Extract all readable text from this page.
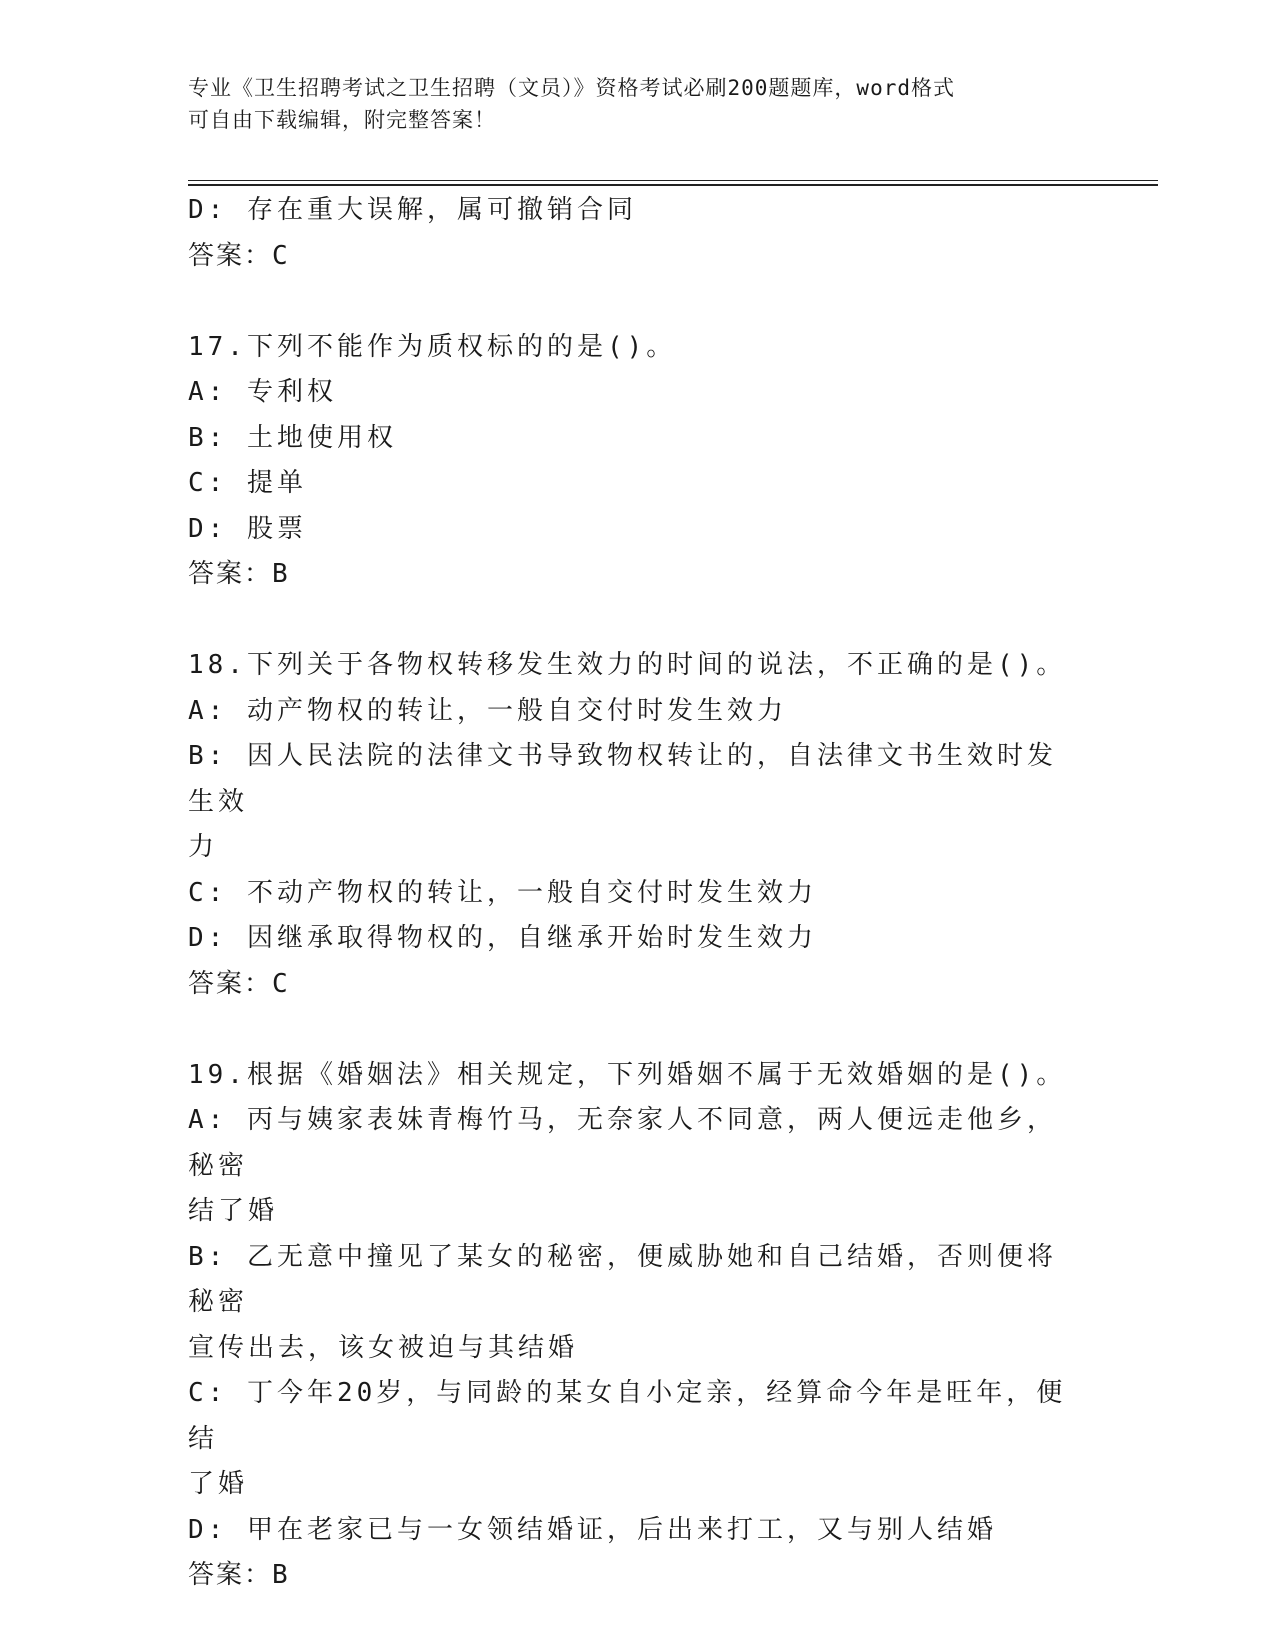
专业《卫生招聘考试之卫生招聘（文员）》资格考试必刷200题题库，word格式
可自由下载编辑，附完整答案！
D: 存在重大误解，属可撤销合同
答案：C
17.下列不能作为质权标的的是()。
A: 专利权
B: 土地使用权
C: 提单
D: 股票
答案：B
18.下列关于各物权转移发生效力的时间的说法，不正确的是()。
A: 动产物权的转让，一般自交付时发生效力
B: 因人民法院的法律文书导致物权转让的，自法律文书生效时发生效
力
C: 不动产物权的转让，一般自交付时发生效力
D: 因继承取得物权的，自继承开始时发生效力
答案：C
19.根据《婚姻法》相关规定，下列婚姻不属于无效婚姻的是()。
A: 丙与姨家表妹青梅竹马，无奈家人不同意，两人便远走他乡，秘密
结了婚
B: 乙无意中撞见了某女的秘密，便威胁她和自己结婚，否则便将秘密
宣传出去，该女被迫与其结婚
C: 丁今年20岁，与同龄的某女自小定亲，经算命今年是旺年，便结
了婚
D: 甲在老家已与一女领结婚证，后出来打工，又与别人结婚
答案：B
